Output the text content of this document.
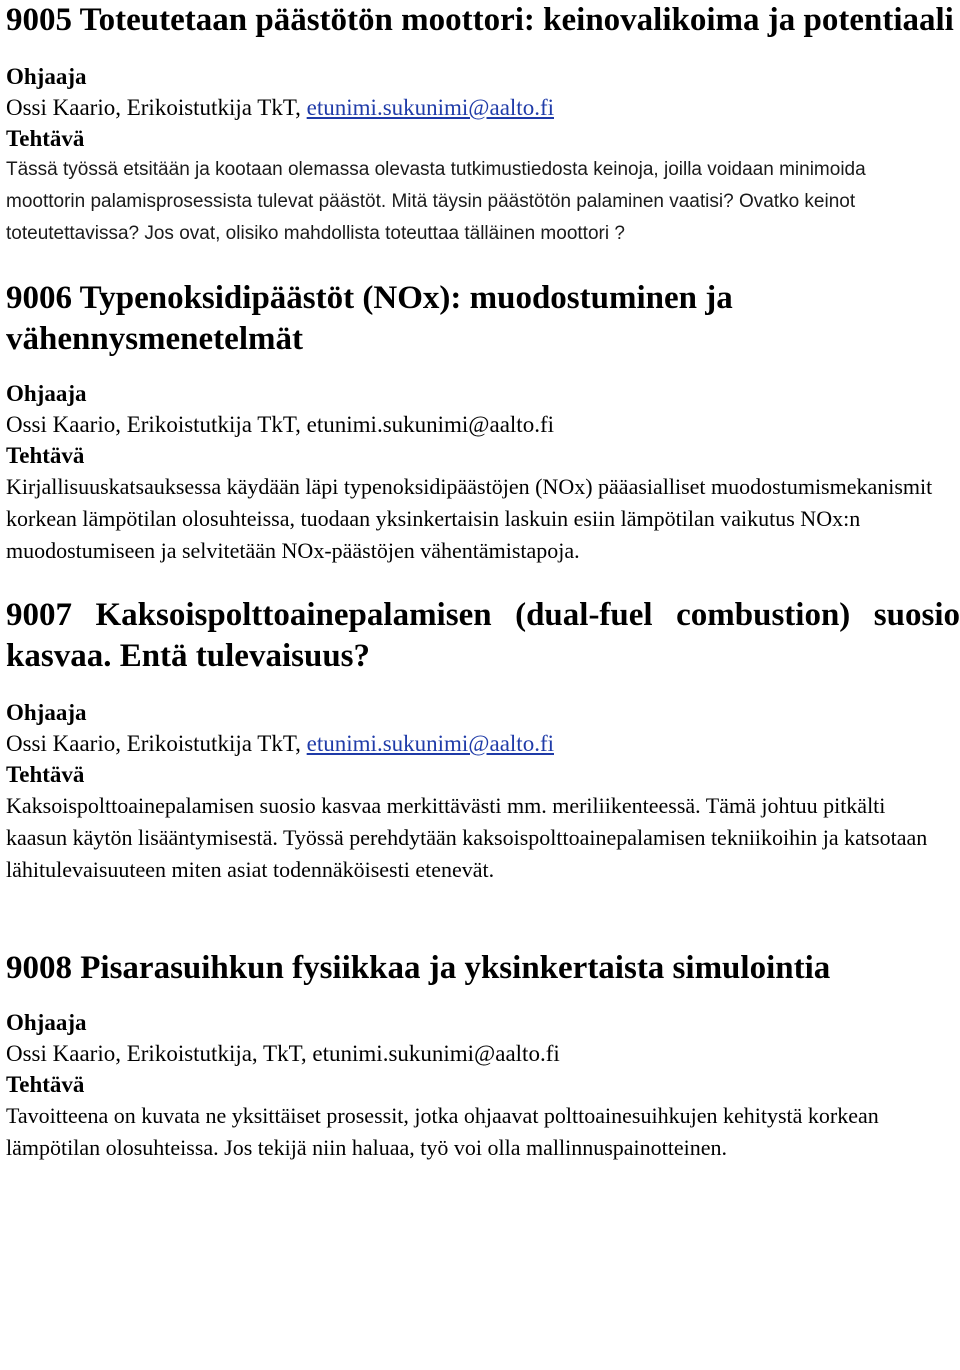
9005 Toteutetaan päästötön moottori: keinovalikoima ja potentiaali

Ohjaaja

Ossi Kaario, Erikoistutkija TkT, etunimi.sukunimi@aalto.fi

Tehtävä

Tässä työssä etsitään ja kootaan olemassa olevasta tutkimustiedosta keinoja, joilla voidaan minimoida moottorin palamisprosessista tulevat päästöt. Mitä täysin päästötön palaminen vaatisi? Ovatko keinot toteutettavissa? Jos ovat, olisiko mahdollista toteuttaa tälläinen moottori ?

9006 Typenoksidipäästöt (NOx): muodostuminen ja vähennysmenetelmät

Ohjaaja

Ossi Kaario, Erikoistutkija TkT, etunimi.sukunimi@aalto.fi

Tehtävä

Kirjallisuuskatsauksessa käydään läpi typenoksidipäästöjen (NOx) pääasialliset muodostumismekanismit korkean lämpötilan olosuhteissa, tuodaan yksinkertaisin laskuin esiin lämpötilan vaikutus NOx:n muodostumiseen ja selvitetään NOx-päästöjen vähentämistapoja.

9007 Kaksoispolttoainepalamisen (dual-fuel combustion) suosio kasvaa. Entä tulevaisuus?

Ohjaaja

Ossi Kaario, Erikoistutkija TkT, etunimi.sukunimi@aalto.fi

Tehtävä

Kaksoispolttoainepalamisen suosio kasvaa merkittävästi mm. meriliikenteessä. Tämä johtuu pitkälti kaasun käytön lisääntymisestä. Työssä perehdytään kaksoispolttoainepalamisen tekniikoihin ja katsotaan lähitulevaisuuteen miten asiat todennäköisesti etenevät.

9008 Pisarasuihkun fysiikkaa ja yksinkertaista simulointia

Ohjaaja

Ossi Kaario, Erikoistutkija, TkT, etunimi.sukunimi@aalto.fi

Tehtävä

Tavoitteena on kuvata ne yksittäiset prosessit, jotka ohjaavat polttoainesuihkujen kehitystä korkean lämpötilan olosuhteissa. Jos tekijä niin haluaa, työ voi olla mallinnuspainotteinen.
